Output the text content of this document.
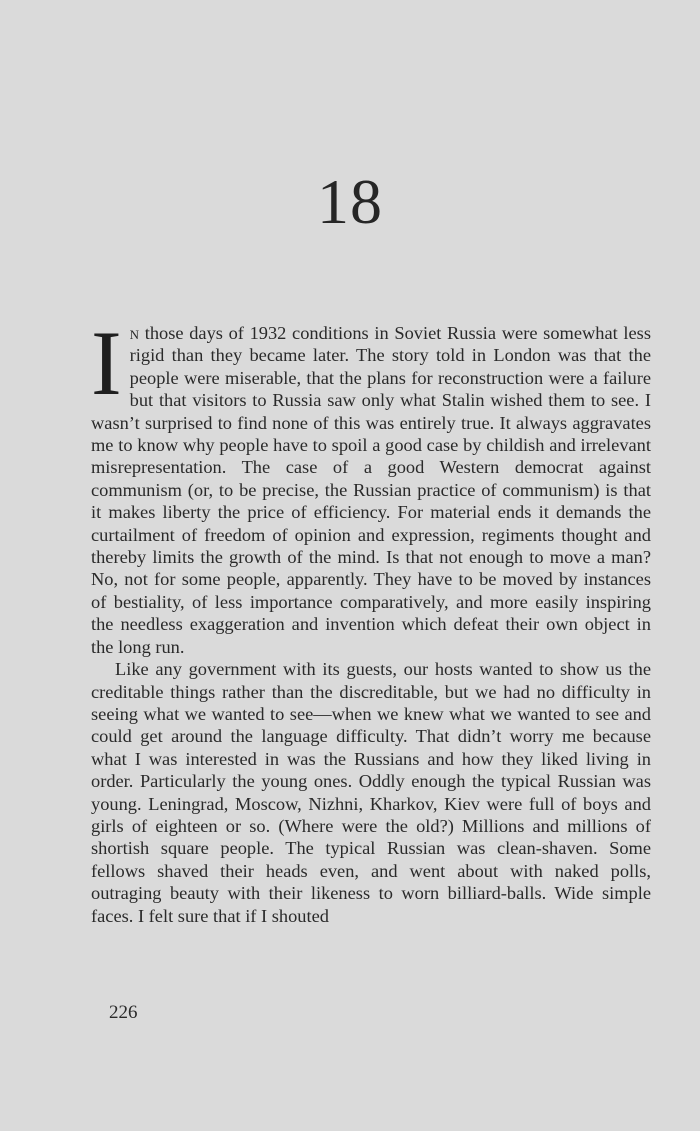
18

In those days of 1932 conditions in Soviet Russia were somewhat less rigid than they became later. The story told in London was that the people were miserable, that the plans for reconstruction were a failure but that visitors to Russia saw only what Stalin wished them to see. I wasn’t surprised to find none of this was entirely true. It always aggravates me to know why people have to spoil a good case by childish and irrelevant misrepresentation. The case of a good Western democrat against communism (or, to be precise, the Russian practice of communism) is that it makes liberty the price of efficiency. For material ends it demands the curtailment of freedom of opinion and expression, regiments thought and thereby limits the growth of the mind. Is that not enough to move a man? No, not for some people, apparently. They have to be moved by instances of bestiality, of less importance comparatively, and more easily inspiring the needless exaggeration and invention which defeat their own object in the long run.

Like any government with its guests, our hosts wanted to show us the creditable things rather than the discreditable, but we had no difficulty in seeing what we wanted to see—when we knew what we wanted to see and could get around the language difficulty. That didn’t worry me because what I was interested in was the Russians and how they liked living in order. Particularly the young ones. Oddly enough the typical Russian was young. Leningrad, Moscow, Nizhni, Kharkov, Kiev were full of boys and girls of eighteen or so. (Where were the old?) Millions and millions of shortish square people. The typical Russian was clean-shaven. Some fellows shaved their heads even, and went about with naked polls, outraging beauty with their likeness to worn billiard-balls. Wide simple faces. I felt sure that if I shouted

226
